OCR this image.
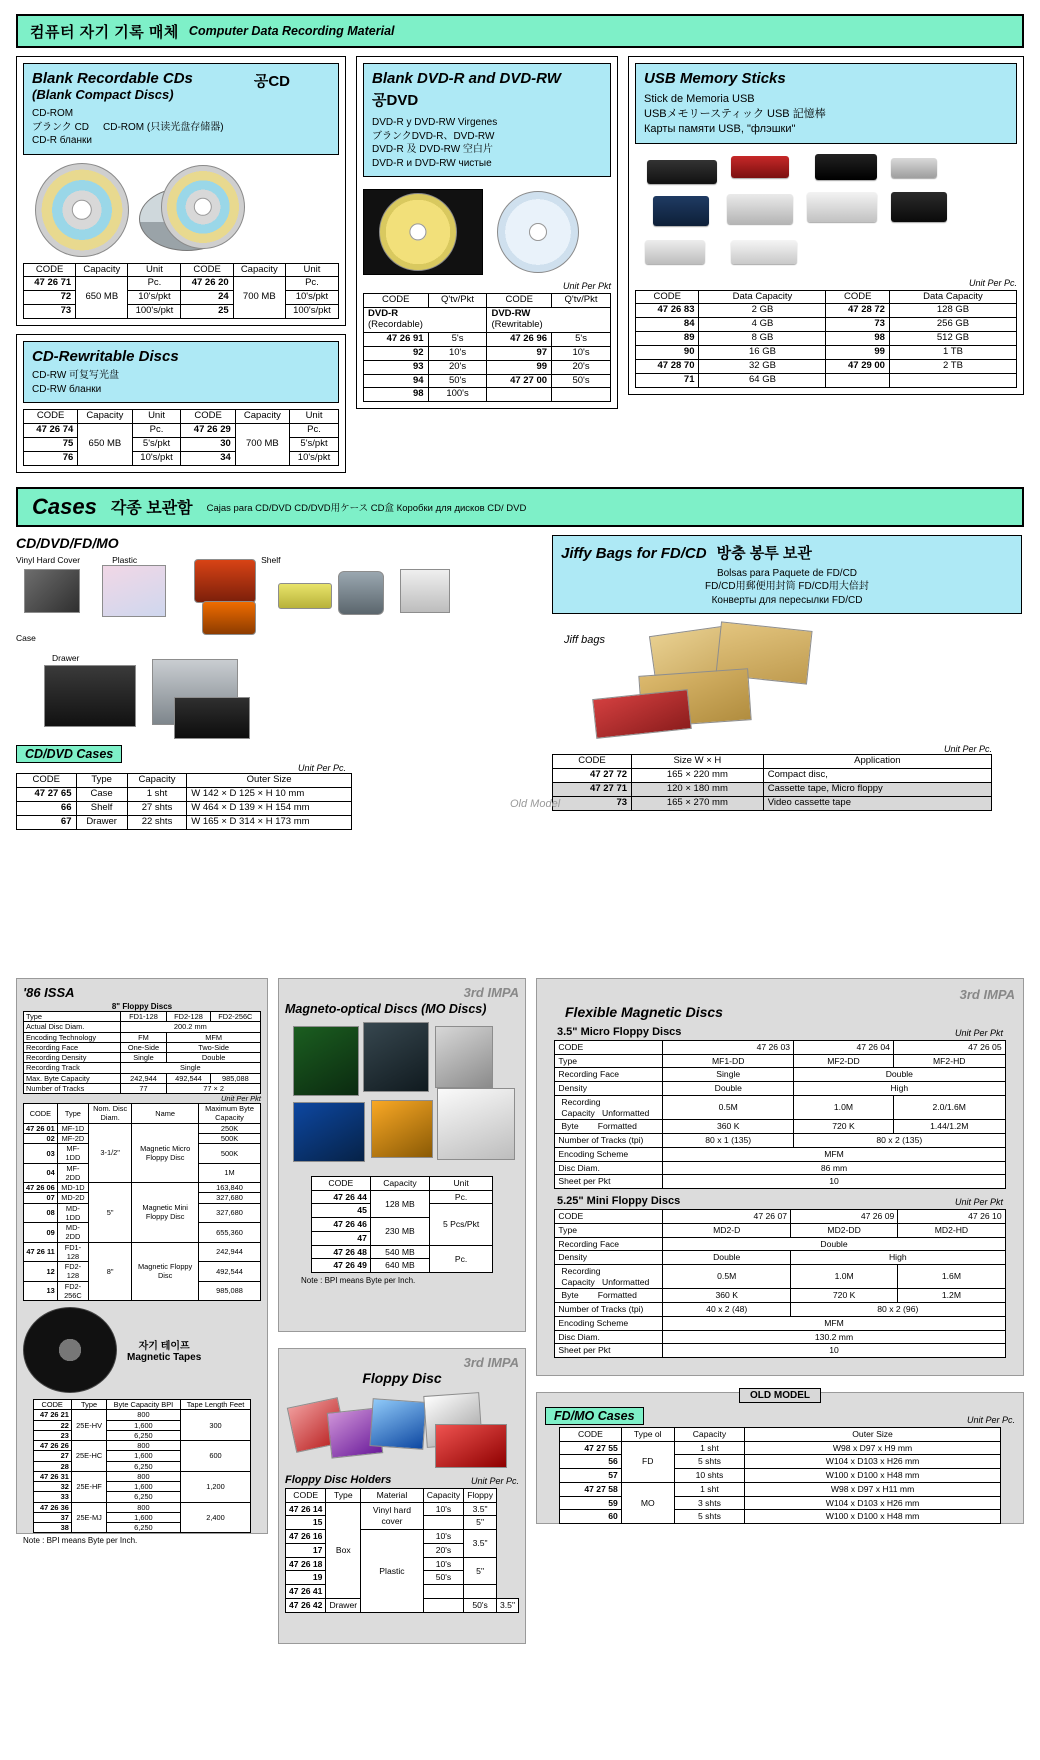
컴퓨터 자기 기록 매체 Computer Data Recording Material
Blank Recordable CDs
(Blank Compact Discs)
공CD
CD-ROM
ブランク CD CD-ROM (只读光盘存储器)
CD-R бланки
CODE	Capacity	Unit	CODE	Capacity	Unit
47 26 71	650 MB	Pc.	47 26 20	700 MB	Pc.
72		10's/pkt	24		10's/pkt
73		100's/pkt	25		100's/pkt
CD-Rewritable Discs
CD-RW 可复写光盘
CD-RW бланки
CODE	Capacity	Unit	CODE	Capacity	Unit
47 26 74	650 MB	Pc.	47 26 29	700 MB	Pc.
75		5's/pkt	30		5's/pkt
76		10's/pkt	34		10's/pkt
Blank DVD-R and DVD-RW
공DVD
DVD-R y DVD-RW Virgenes
ブランクDVD-R、DVD-RW
DVD-R 及 DVD-RW 空白片
DVD-R и DVD-RW чистые
Unit Per Pkt
CODE	Q'tv/Pkt	CODE	Q'tv/Pkt
DVD-R
(Recordable)		DVD-RW
(Rewritable)	
47 26 91	5's	47 26 96	5's
92	10's	97	10's
93	20's	99	20's
94	50's	47 27 00	50's
98	100's		
USB Memory Sticks
Stick de Memoria USB
USBメモリースティック USB 記憶棒
Карты памяти USB, "флэшки"
Unit Per Pc.
CODE	Data Capacity	CODE	Data Capacity
47 26 83	2 GB	47 28 72	128 GB
84	4 GB	73	256 GB
89	8 GB	98	512 GB
90	16 GB	99	1 TB
47 28 70	32 GB	47 29 00	2 TB
71	64 GB		
Cases 각종 보관함 Cajas para CD/DVD CD/DVD用ケース CD盒 Коробки для дисков CD/ DVD
CD/DVD/FD/MO
Vinyl Hard Cover	Plastic	Shelf
Case
Drawer
CD/DVD Cases
Unit Per Pc.
CODE	Type	Capacity	Outer Size
47 27 65	Case	1 sht	W 142 × D 125 × H 10 mm
66	Shelf	27 shts	W 464 × D 139 × H 154 mm
67	Drawer	22 shts	W 165 × D 314 × H 173 mm
Jiffy Bags for FD/CD 방충 봉투 보관
Bolsas para Paquete de FD/CD
FD/CD用郵便用封筒 FD/CD用大倍封
Конверты для пересылки FD/CD
Jiff bags
Unit Per Pc.
Old Model
CODE	Size W × H	Application
47 27 72	165 × 220 mm	Compact disc,
47 27 71	120 × 180 mm	Cassette tape, Micro floppy
73	165 × 270 mm	Video cassette tape
'86 ISSA
8" Floppy Discs
Type	FD1-128	FD2-128	FD2-256C
Actual Disc Diam.	200.2 mm		
Encoding Technology	FM	MFM	
Recording Face	One-Side	Two-Side	
Recording Density	Single	Double	
Recording Track	Single		
Max. Byte Capacity	242,944	492,544	985,088
Number of Tracks	77	77 × 2	
Unit Per Pkt
CODE	Type	Nom. Disc Diam.	Name	Maximum Byte Capacity
47 26 01	MF-1D	3-1/2"	Magnetic Micro Floppy Disc	250K
02	MF-2D			500K
03	MF-1DD			500K
04	MF-2DD			1M
47 26 06	MD-1D	5"	Magnetic Mini Floppy Disc	163,840
07	MD-2D			327,680
08	MD-1DD			327,680
09	MD-2DD			655,360
47 26 11	FD1-128	8"	Magnetic Floppy Disc	242,944
12	FD2-128			492,544
13	FD2-256C			985,088
자기 테이프
Magnetic Tapes
CODE	Type	Byte Capacity BPI	Tape Length Feet
47 26 21	25E-HV	800	300
22		1,600	
23		6,250	
47 26 26	25E-HC	800	600
27		1,600	
28		6,250	
47 26 31	25E-HF	800	1,200
32		1,600	
33		6,250	
47 26 36	25E-MJ	800	2,400
37		1,600	
38		6,250	
Note : BPI means Byte per Inch.
3rd IMPA
Magneto-optical Discs (MO Discs)
CODE	Capacity	Unit
47 26 44	128 MB	Pc.
45		5 Pcs/Pkt
47 26 46	230 MB	
47		
47 26 48	540 MB	Pc.
47 26 49	640 MB	
Note : BPI means Byte per Inch.
3rd IMPA
Floppy Disc
Floppy Disc Holders	Unit Per Pc.
CODE	Type	Material	Capacity	Floppy	
47 26 14	Box	Vinyl hard cover	10's	3.5"	
15				5"	
47 26 16		Plastic	10's	3.5"	
17			20's		
47 26 18			10's	5"	
19			50's		
47 26 41					
47 26 42	Drawer			50's	3.5"
3rd IMPA
Flexible Magnetic Discs
3.5" Micro Floppy Discs	Unit Per Pkt
CODE	47 26 03	47 26 04	47 26 05
Type	MF1-DD	MF2-DD	MF2-HD
Recording Face	Single	Double	
Density	Double	High	
Recording
Capacity   Unformatted	0.5M	1.0M	2.0/1.6M
Byte        Formatted	360 K	720 K	1.44/1.2M
Number of Tracks (tpi)	80 x 1 (135)	80 x 2 (135)	
Encoding Scheme	MFM		
Disc Diam.	86 mm		
Sheet per Pkt	10		
5.25" Mini Floppy Discs	Unit Per Pkt
CODE	47 26 07	47 26 09	47 26 10
Type	MD2-D	MD2-DD	MD2-HD
Recording Face	Double		
Density	Double	High	
Recording
Capacity   Unformatted	0.5M	1.0M	1.6M
Byte        Formatted	360 K	720 K	1.2M
Number of Tracks (tpi)	40 x 2 (48)	80 x 2 (96)	
Encoding Scheme	MFM		
Disc Diam.	130.2 mm		
Sheet per Pkt	10		
OLD MODEL
FD/MO Cases	Unit Per Pc.
CODE	Type ol	Capacity	Outer Size
47 27 55	FD	1 sht	W98 x D97 x H9 mm
56		5 shts	W104 x D103 x H26 mm
57		10 shts	W100 x D100 x H48 mm
47 27 58	MO	1 sht	W98 x D97 x H11 mm
59		3 shts	W104 x D103 x H26 mm
60		5 shts	W100 x D100 x H48 mm
